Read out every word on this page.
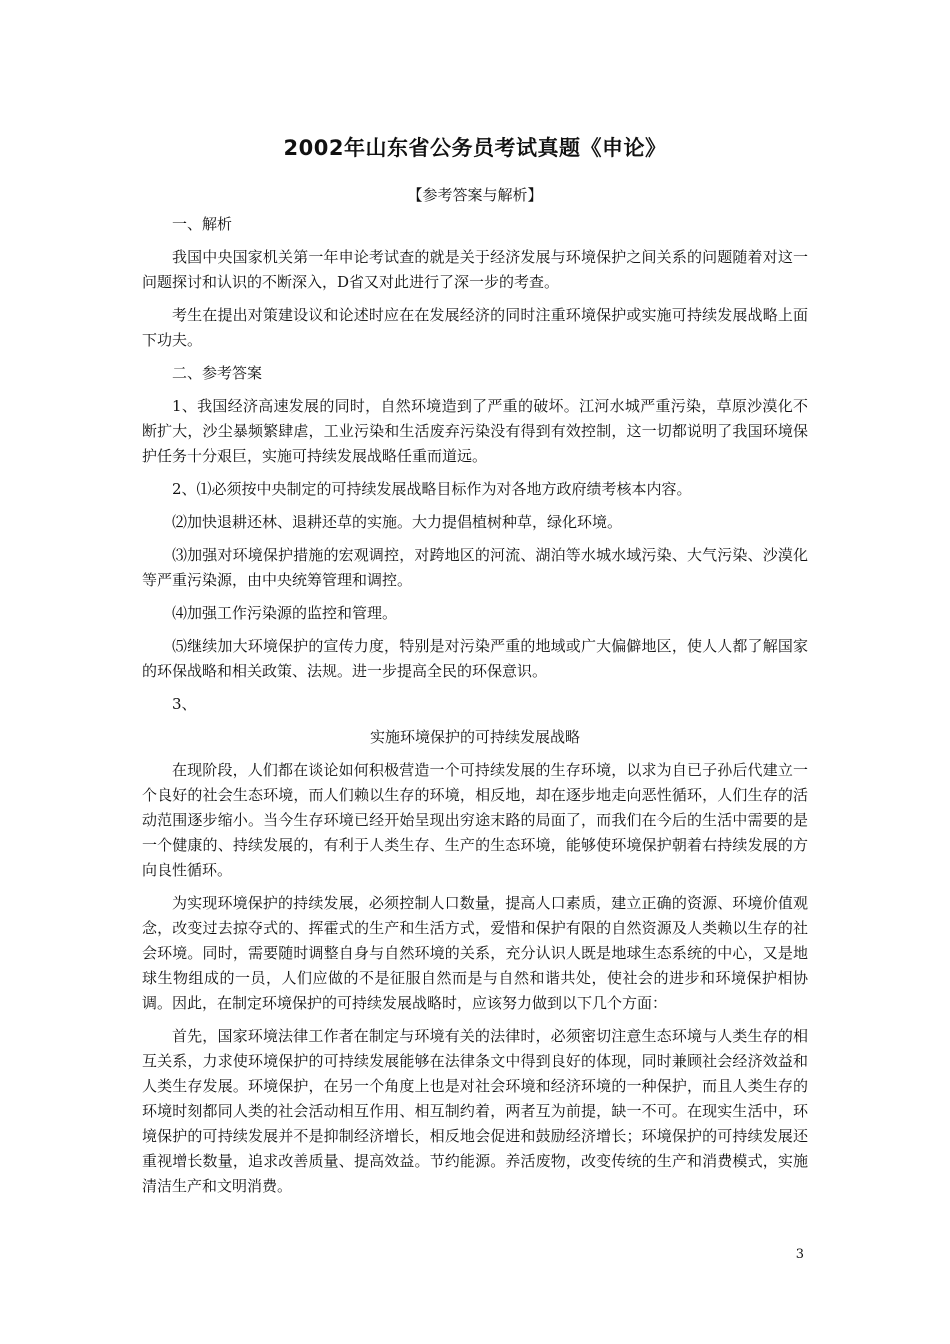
2002年山东省公务员考试真题《申论》
【参考答案与解析】

一、解析

我国中央国家机关第一年申论考试查的就是关于经济发展与环境保护之间关系的问题随着对这一问题探讨和认识的不断深入，D省又对此进行了深一步的考查。

考生在提出对策建设议和论述时应在在发展经济的同时注重环境保护或实施可持续发展战略上面下功夫。

二、参考答案

1、我国经济高速发展的同时，自然环境造到了严重的破坏。江河水城严重污染，草原沙漠化不断扩大，沙尘暴频繁肆虐，工业污染和生活废弃污染没有得到有效控制，这一切都说明了我国环境保护任务十分艰巨，实施可持续发展战略任重而道远。

2、⑴必须按中央制定的可持续发展战略目标作为对各地方政府绩考核本内容。

⑵加快退耕还林、退耕还草的实施。大力提倡植树种草，绿化环境。

⑶加强对环境保护措施的宏观调控，对跨地区的河流、湖泊等水城水域污染、大气污染、沙漠化等严重污染源，由中央统筹管理和调控。

⑷加强工作污染源的监控和管理。

⑸继续加大环境保护的宣传力度，特别是对污染严重的地域或广大偏僻地区，使人人都了解国家的环保战略和相关政策、法规。进一步提高全民的环保意识。

3、

实施环境保护的可持续发展战略

在现阶段，人们都在谈论如何积极营造一个可持续发展的生存环境，以求为自已子孙后代建立一个良好的社会生态环境，而人们赖以生存的环境，相反地，却在逐步地走向恶性循环，人们生存的活动范围逐步缩小。当今生存环境已经开始呈现出穷途末路的局面了，而我们在今后的生活中需要的是一个健康的、持续发展的，有利于人类生存、生产的生态环境，能够使环境保护朝着右持续发展的方向良性循环。

为实现环境保护的持续发展，必须控制人口数量，提高人口素质，建立正确的资源、环境价值观念，改变过去掠夺式的、挥霍式的生产和生活方式，爱惜和保护有限的自然资源及人类赖以生存的社会环境。同时，需要随时调整自身与自然环境的关系，充分认识人既是地球生态系统的中心，又是地球生物组成的一员，人们应做的不是征服自然而是与自然和谐共处，使社会的进步和环境保护相协调。因此，在制定环境保护的可持续发展战略时，应该努力做到以下几个方面：

首先，国家环境法律工作者在制定与环境有关的法律时，必须密切注意生态环境与人类生存的相互关系，力求使环境保护的可持续发展能够在法律条文中得到良好的体现，同时兼顾社会经济效益和人类生存发展。环境保护，在另一个角度上也是对社会环境和经济环境的一种保护，而且人类生存的环境时刻都同人类的社会活动相互作用、相互制约着，两者互为前提，缺一不可。在现实生活中，环境保护的可持续发展并不是抑制经济增长，相反地会促进和鼓励经济增长；环境保护的可持续发展还重视增长数量，追求改善质量、提高效益。节约能源。养活废物，改变传统的生产和消费模式，实施清洁生产和文明消费。

3
